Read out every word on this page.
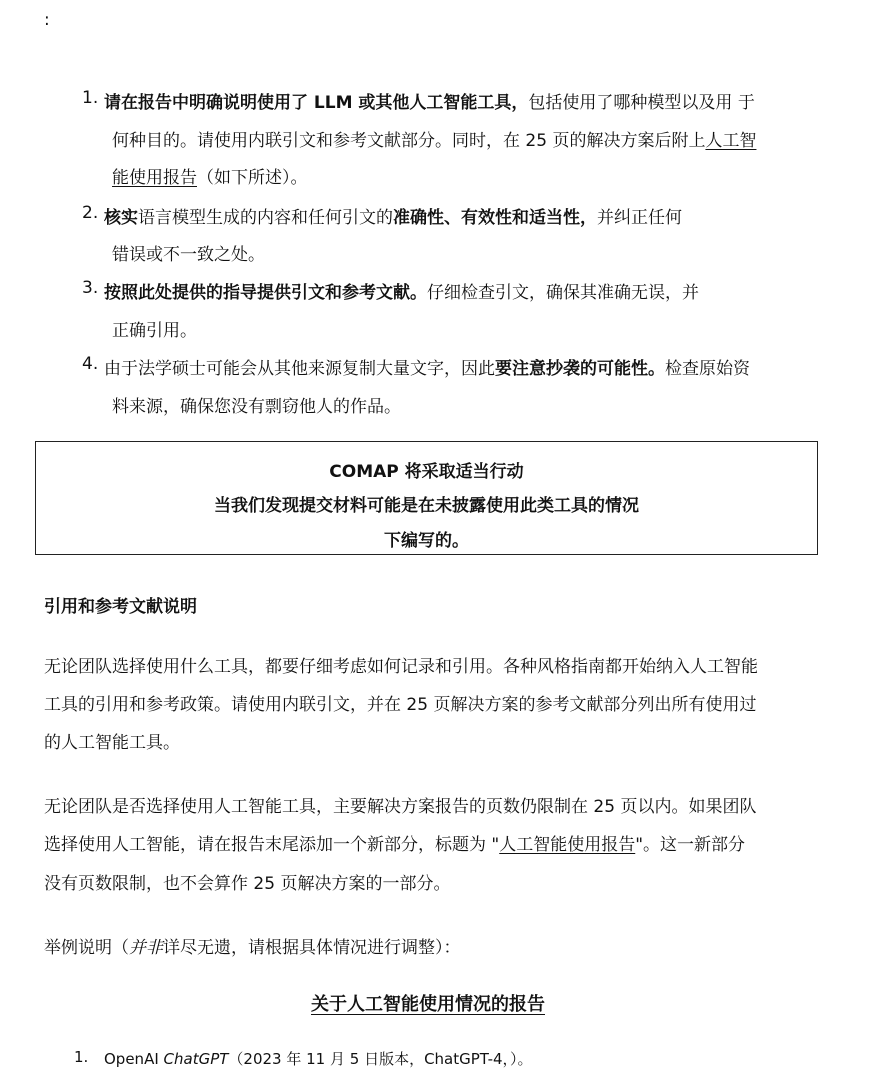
:
1. 请在报告中明确说明使用了 LLM 或其他人工智能工具，包括使用了哪种模型以及用 于
何种目的。请使用内联引文和参考文献部分。同时，在 25 页的解决方案后附上人工智
能使用报告（如下所述）。
2. 核实语言模型生成的内容和任何引文的准确性、有效性和适当性，并纠正任何
错误或不一致之处。
3. 按照此处提供的指导提供引文和参考文献。仔细检查引文，确保其准确无误，并
正确引用。
4. 由于法学硕士可能会从其他来源复制大量文字，因此要注意抄袭的可能性。检查原始资
料来源，确保您没有剽窃他人的作品。
COMAP 将采取适当行动
当我们发现提交材料可能是在未披露使用此类工具的情况
下编写的。
引用和参考文献说明
无论团队选择使用什么工具，都要仔细考虑如何记录和引用。各种风格指南都开始纳入人工智能
工具的引用和参考政策。请使用内联引文，并在 25 页解决方案的参考文献部分列出所有使用过
的人工智能工具。
无论团队是否选择使用人工智能工具，主要解决方案报告的页数仍限制在 25 页以内。如果团队
选择使用人工智能，请在报告末尾添加一个新部分，标题为 "人工智能使用报告"。这一新部分
没有页数限制，也不会算作 25 页解决方案的一部分。
举例说明（并非详尽无遗，请根据具体情况进行调整）：
关于人工智能使用情况的报告
1. OpenAI ChatGPT（2023 年 11 月 5 日版本，ChatGPT-4，）。
